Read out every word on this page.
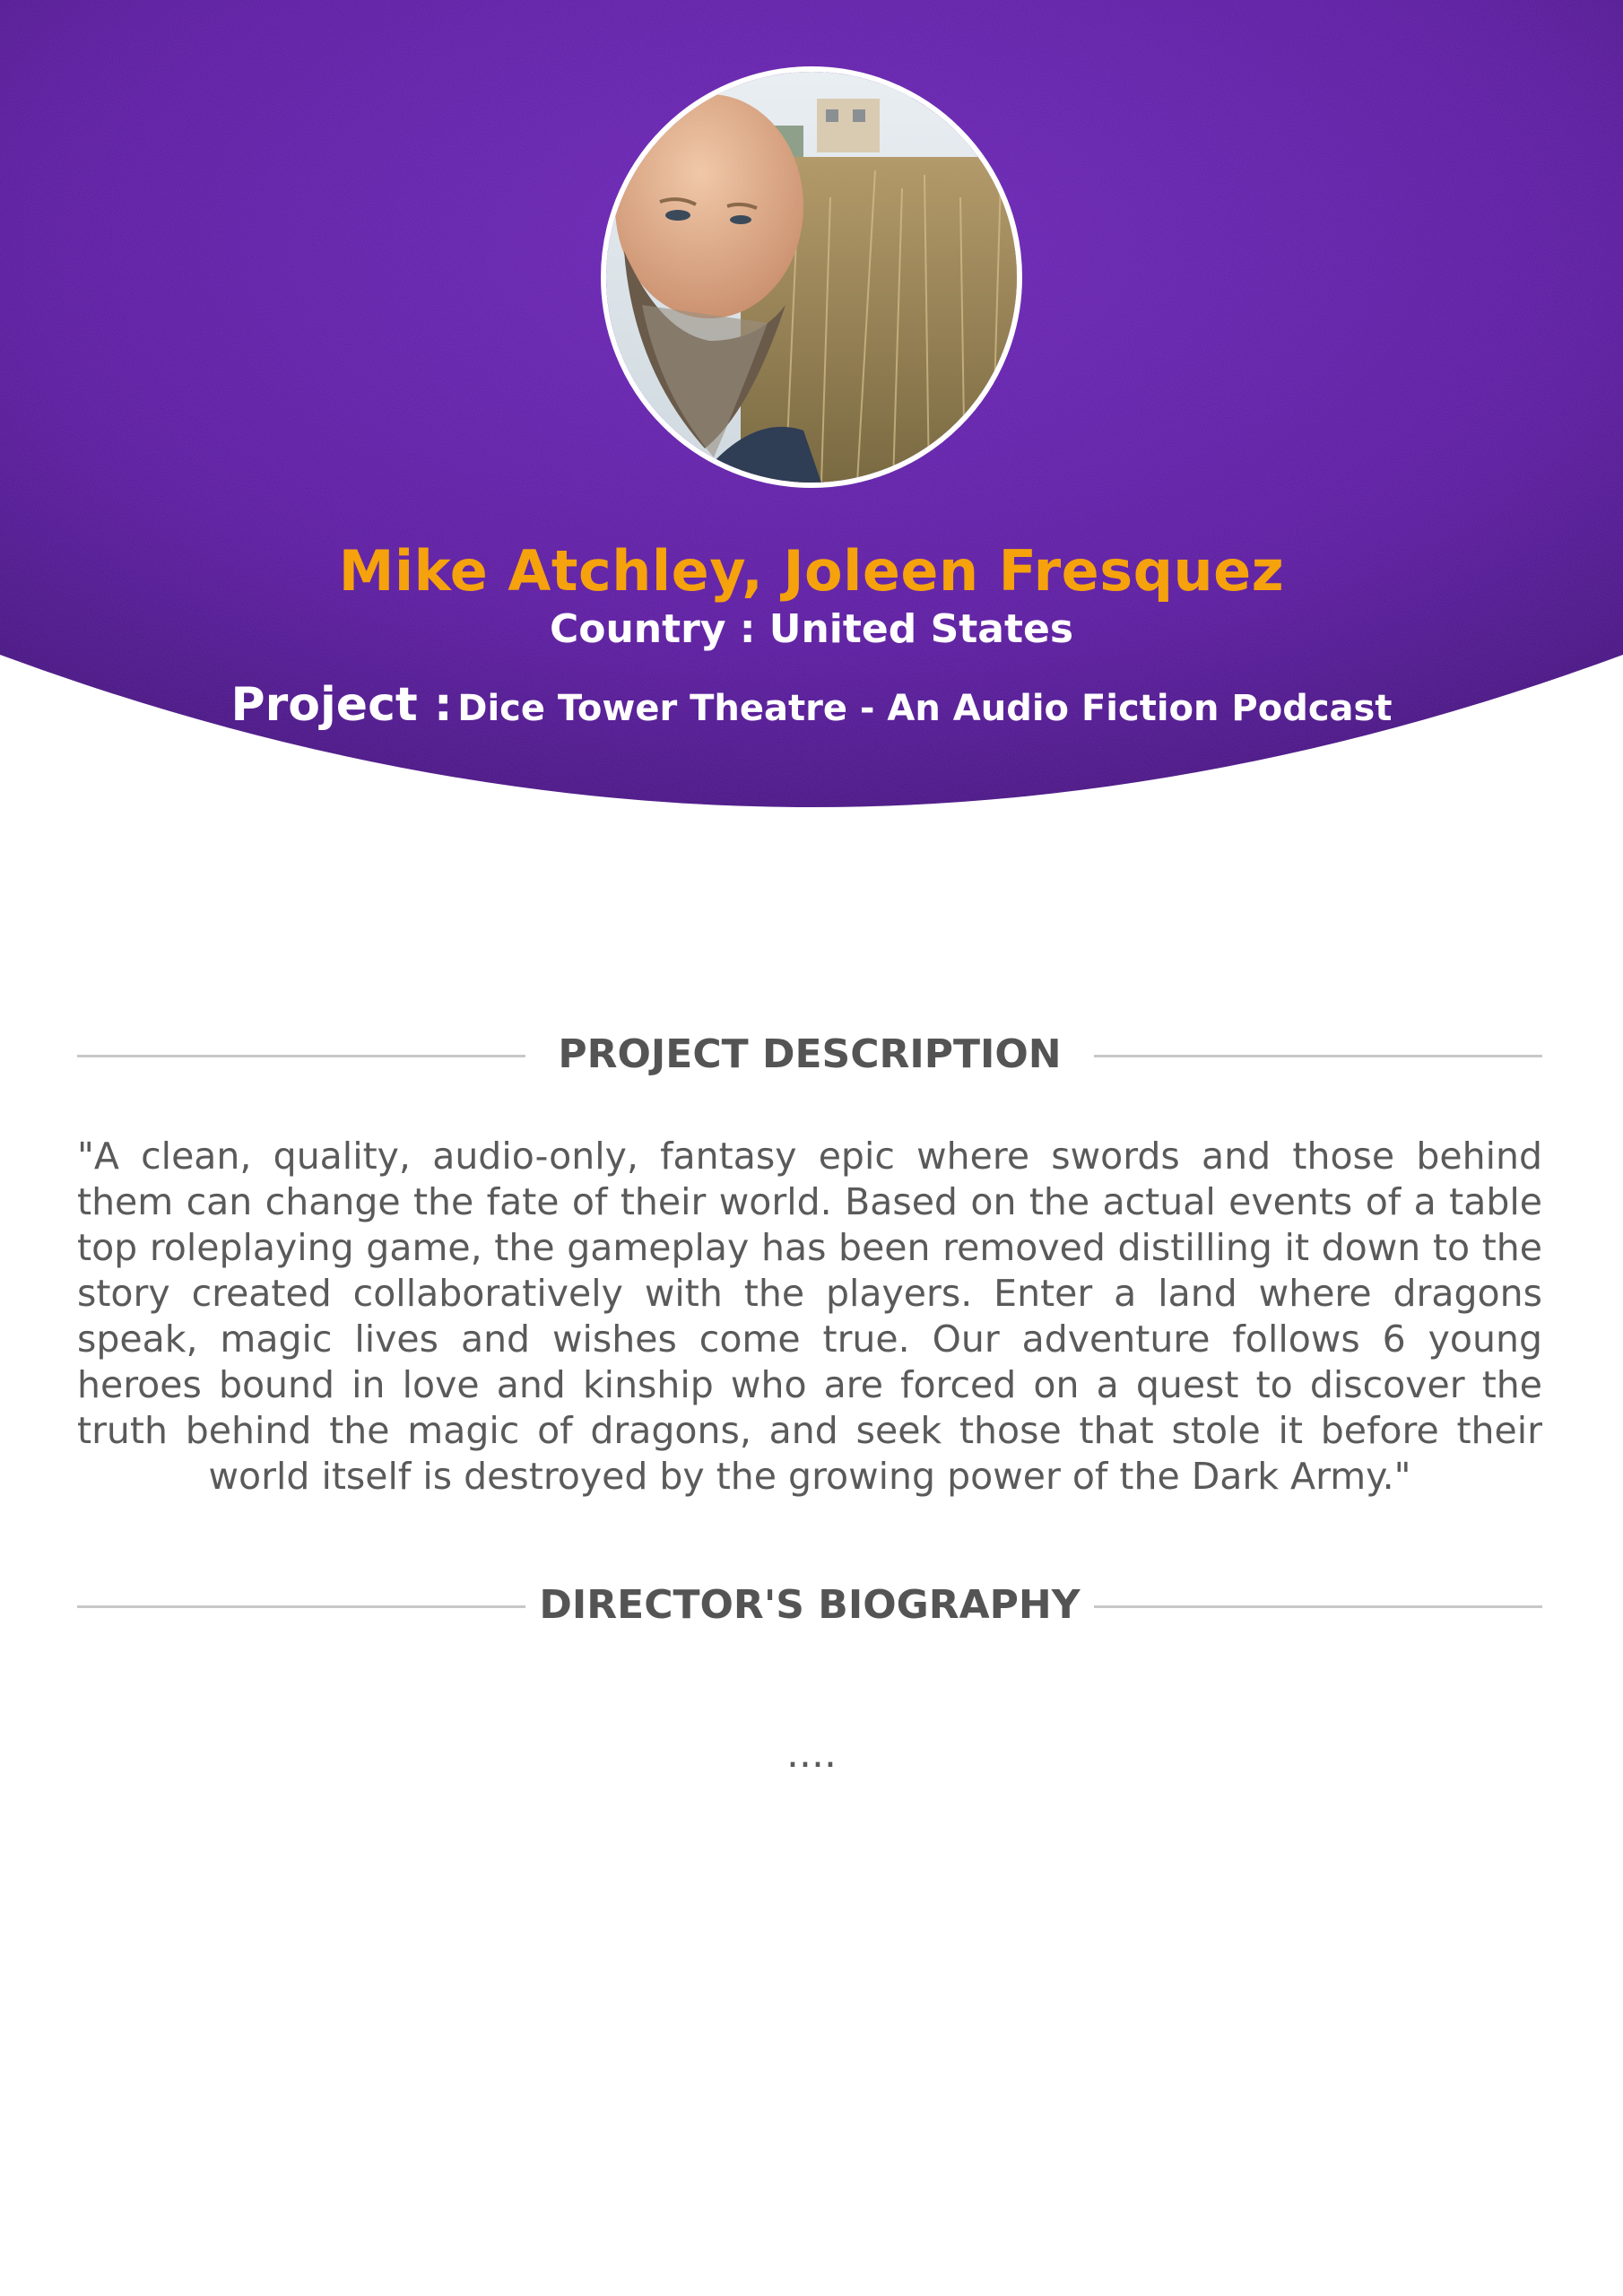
Mike Atchley, Joleen Fresquez
Country : United States
Project : Dice Tower Theatre - An Audio Fiction Podcast
PROJECT DESCRIPTION
"A clean, quality, audio-only, fantasy epic where swords and those behind them can change the fate of their world. Based on the actual events of a table top roleplaying game, the gameplay has been removed distilling it down to the story created collaboratively with the players. Enter a land where dragons speak, magic lives and wishes come true. Our adventure follows 6 young heroes bound in love and kinship who are forced on a quest to discover the truth behind the magic of dragons, and seek those that stole it before their world itself is destroyed by the growing power of the Dark Army."
DIRECTOR'S BIOGRAPHY
....
